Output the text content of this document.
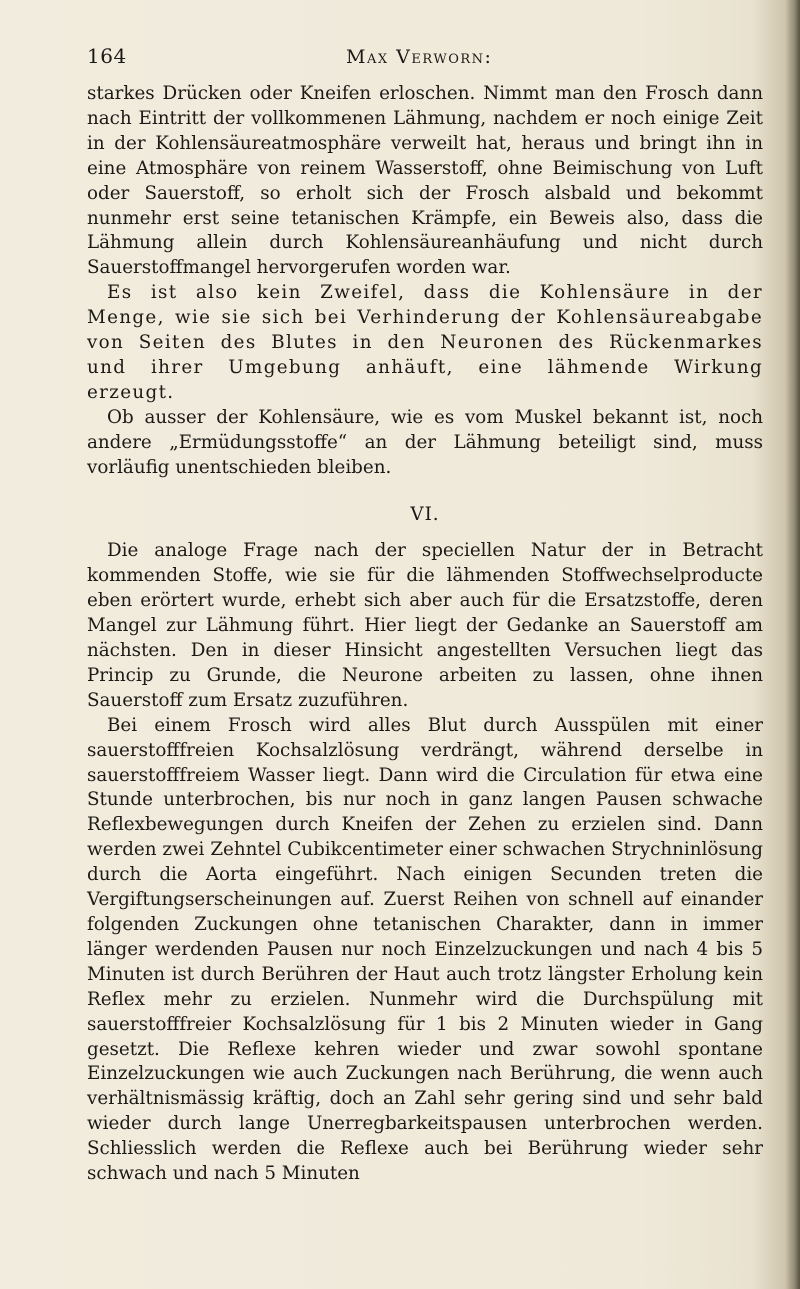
164	Max Verworn:

starkes Drücken oder Kneifen erloschen. Nimmt man den Frosch dann nach Eintritt der vollkommenen Lähmung, nachdem er noch einige Zeit in der Kohlensäureatmosphäre verweilt hat, heraus und bringt ihn in eine Atmosphäre von reinem Wasserstoff, ohne Beimischung von Luft oder Sauerstoff, so erholt sich der Frosch alsbald und bekommt nunmehr erst seine tetanischen Krämpfe, ein Beweis also, dass die Lähmung allein durch Kohlensäureanhäufung und nicht durch Sauerstoffmangel hervorgerufen worden war.

Es ist also kein Zweifel, dass die Kohlensäure in der Menge, wie sie sich bei Verhinderung der Kohlensäureabgabe von Seiten des Blutes in den Neuronen des Rückenmarkes und ihrer Umgebung anhäuft, eine lähmende Wirkung erzeugt.

Ob ausser der Kohlensäure, wie es vom Muskel bekannt ist, noch andere „Ermüdungsstoffe“ an der Lähmung beteiligt sind, muss vorläufig unentschieden bleiben.

VI.

Die analoge Frage nach der speciellen Natur der in Betracht kommenden Stoffe, wie sie für die lähmenden Stoffwechselproducte eben erörtert wurde, erhebt sich aber auch für die Ersatzstoffe, deren Mangel zur Lähmung führt. Hier liegt der Gedanke an Sauerstoff am nächsten. Den in dieser Hinsicht angestellten Versuchen liegt das Princip zu Grunde, die Neurone arbeiten zu lassen, ohne ihnen Sauerstoff zum Ersatz zuzuführen.

Bei einem Frosch wird alles Blut durch Ausspülen mit einer sauerstofffreien Kochsalzlösung verdrängt, während derselbe in sauerstofffreiem Wasser liegt. Dann wird die Circulation für etwa eine Stunde unterbrochen, bis nur noch in ganz langen Pausen schwache Reflexbewegungen durch Kneifen der Zehen zu erzielen sind. Dann werden zwei Zehntel Cubikcentimeter einer schwachen Strychninlösung durch die Aorta eingeführt. Nach einigen Secunden treten die Vergiftungserscheinungen auf. Zuerst Reihen von schnell auf einander folgenden Zuckungen ohne tetanischen Charakter, dann in immer länger werdenden Pausen nur noch Einzelzuckungen und nach 4 bis 5 Minuten ist durch Berühren der Haut auch trotz längster Erholung kein Reflex mehr zu erzielen. Nunmehr wird die Durchspülung mit sauerstofffreier Kochsalzlösung für 1 bis 2 Minuten wieder in Gang gesetzt. Die Reflexe kehren wieder und zwar sowohl spontane Einzelzuckungen wie auch Zuckungen nach Berührung, die wenn auch verhältnismässig kräftig, doch an Zahl sehr gering sind und sehr bald wieder durch lange Unerregbarkeitspausen unterbrochen werden. Schliesslich werden die Reflexe auch bei Berührung wieder sehr schwach und nach 5 Minuten
